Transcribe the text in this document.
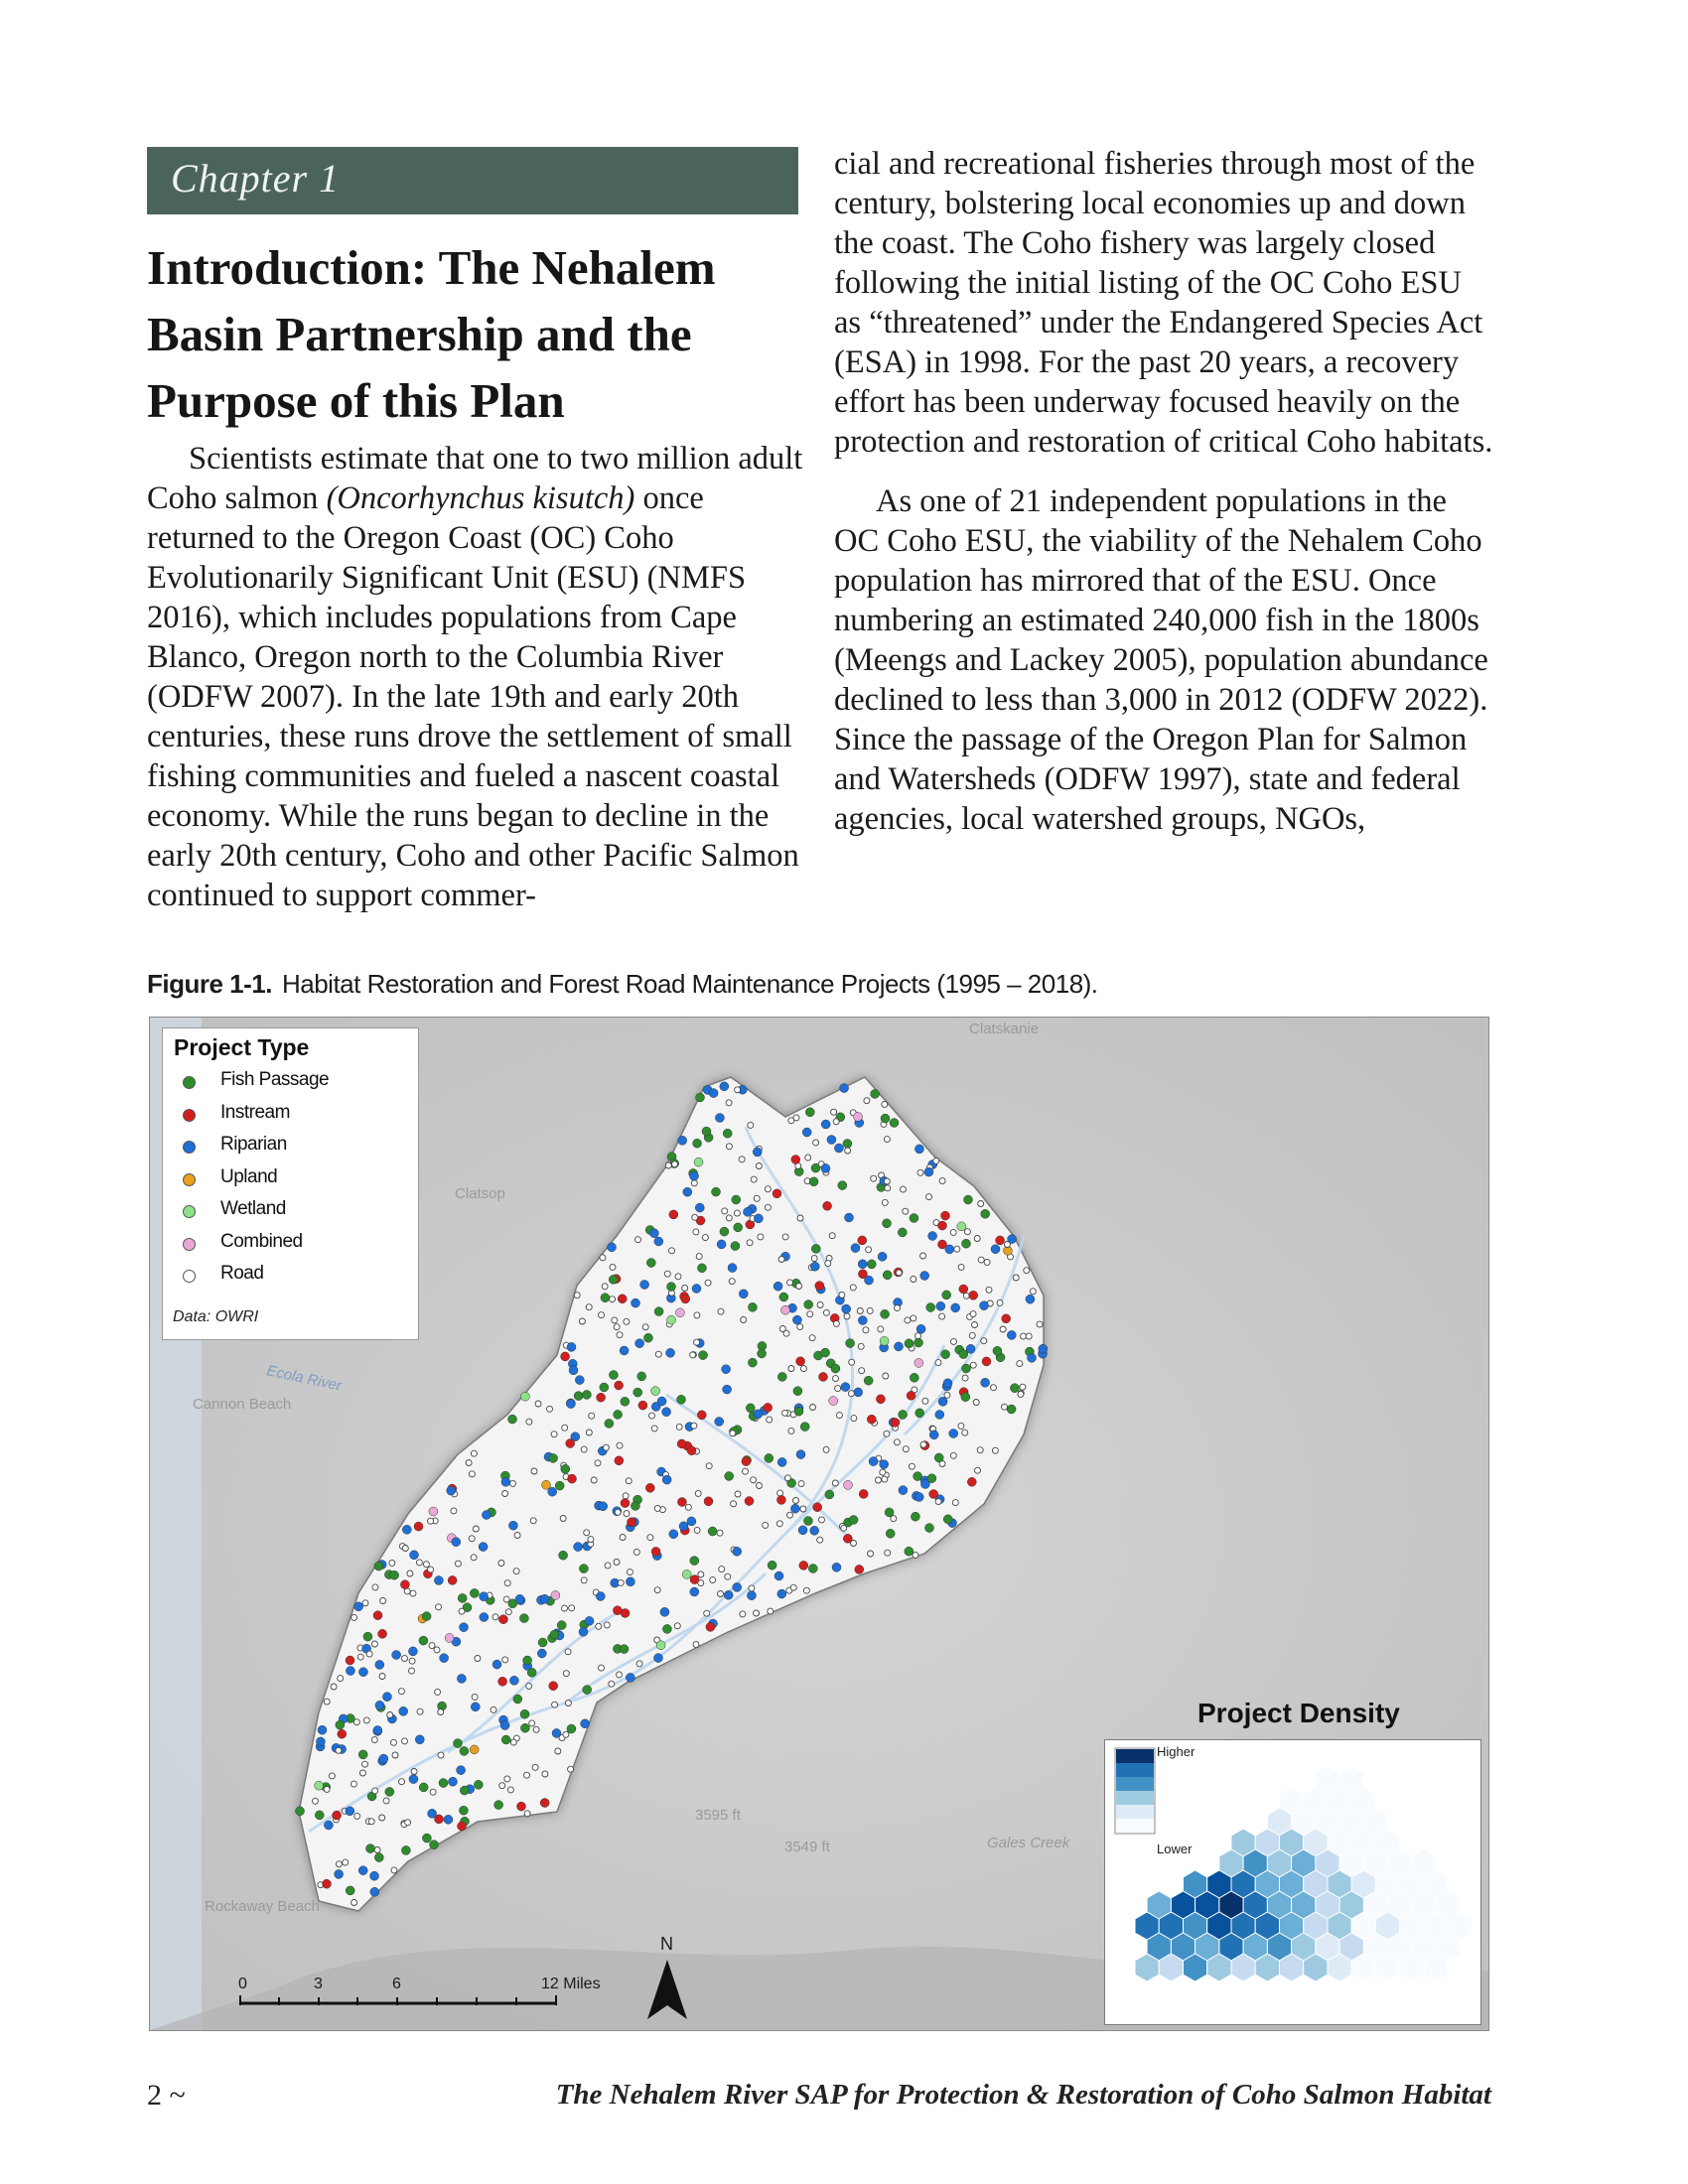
Chapter 1
Introduction: The Nehalem Basin Partnership and the Purpose of this Plan

Scientists estimate that one to two million adult Coho salmon (Oncorhynchus kisutch) once returned to the Oregon Coast (OC) Coho Evolutionarily Significant Unit (ESU) (NMFS 2016), which includes populations from Cape Blanco, Oregon north to the Columbia River (ODFW 2007). In the late 19th and early 20th centuries, these runs drove the settlement of small fishing communities and fueled a nascent coastal economy. While the runs began to decline in the early 20th century, Coho and other Pacific Salmon continued to support commer-

cial and recreational fisheries through most of the century, bolstering local economies up and down the coast. The Coho fishery was largely closed following the initial listing of the OC Coho ESU as “threatened” under the Endangered Species Act (ESA) in 1998. For the past 20 years, a recovery effort has been underway focused heavily on the protection and restoration of critical Coho habitats.

As one of 21 independent populations in the OC Coho ESU, the viability of the Nehalem Coho population has mirrored that of the ESU. Once numbering an estimated 240,000 fish in the 1800s (Meengs and Lackey 2005), population abundance declined to less than 3,000 in 2012 (ODFW 2022). Since the passage of the Oregon Plan for Salmon and Watersheds (ODFW 1997), state and federal agencies, local watershed groups, NGOs,

Figure 1-1. Habitat Restoration and Forest Road Maintenance Projects (1995 – 2018).
Clatskanie
Clatsop
Cannon Beach
Rockaway Beach
3595 ft
3549 ft	Gales Creek
Ecola River
Project Type
Fish Passage
Instream
Riparian
Upland
Wetland
Combined
Road
Data: OWRI
Project Density
Higher
Lower
0	3	6	12 Miles
N
2 ~	The Nehalem River SAP for Protection & Restoration of Coho Salmon Habitat
